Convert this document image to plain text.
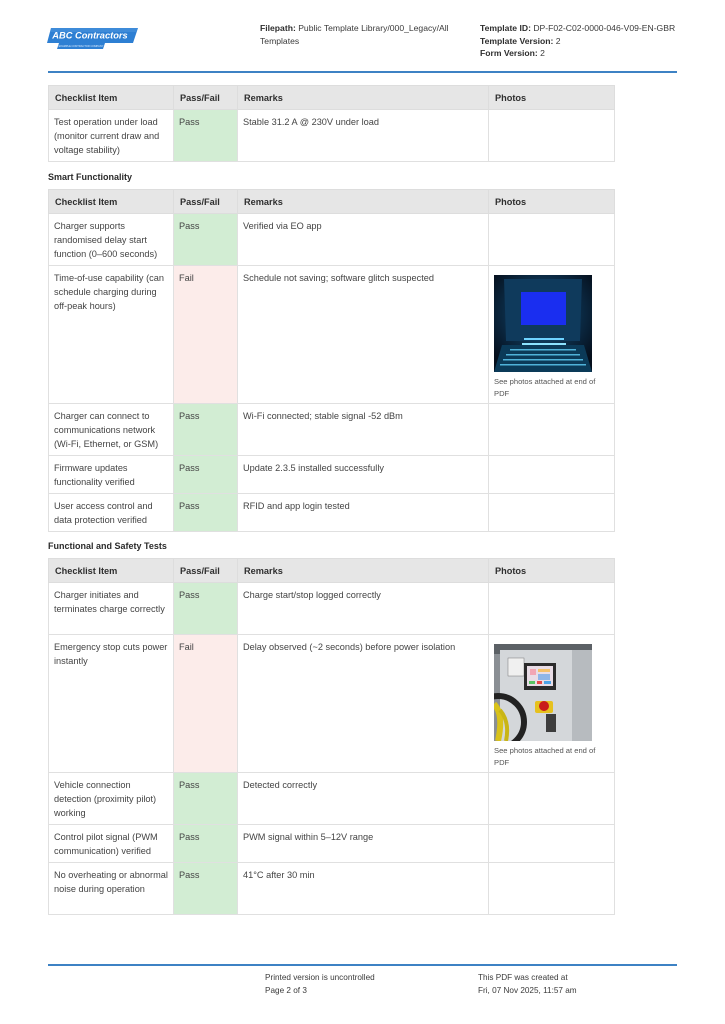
ABC Contractors
EXAMPLE CONTRACTOR COMPANY
Filepath: Public Template Library/000_Legacy/All Templates
Template ID: DP-F02-C02-0000-046-V09-EN-GBR
Template Version: 2
Form Version: 2
Checklist Item	Pass/Fail	Remarks	Photos
Test operation under load (monitor current draw and voltage stability)	Pass	Stable 31.2 A @ 230V under load	
Smart Functionality
Checklist Item	Pass/Fail	Remarks	Photos
Charger supports randomised delay start function (0–600 seconds)	Pass	Verified via EO app	
Time-of-use capability (can schedule charging during off-peak hours)	Fail	Schedule not saving; software glitch suspected	See photos attached at end of PDF

Charger can connect to communications network (Wi-Fi, Ethernet, or GSM)	Pass	Wi-Fi connected; stable signal -52 dBm	
Firmware updates functionality verified	Pass	Update 2.3.5 installed successfully	
User access control and data protection verified	Pass	RFID and app login tested	
Functional and Safety Tests
Checklist Item	Pass/Fail	Remarks	Photos
Charger initiates and terminates charge correctly	Pass	Charge start/stop logged correctly	
Emergency stop cuts power instantly	Fail	Delay observed (~2 seconds) before power isolation	See photos attached at end of PDF

Vehicle connection detection (proximity pilot) working	Pass	Detected correctly	
Control pilot signal (PWM communication) verified	Pass	PWM signal within 5–12V range	
No overheating or abnormal noise during operation	Pass	41°C after 30 min	
Printed version is uncontrolled
Page 2 of 3
This PDF was created at
Fri, 07 Nov 2025, 11:57 am
